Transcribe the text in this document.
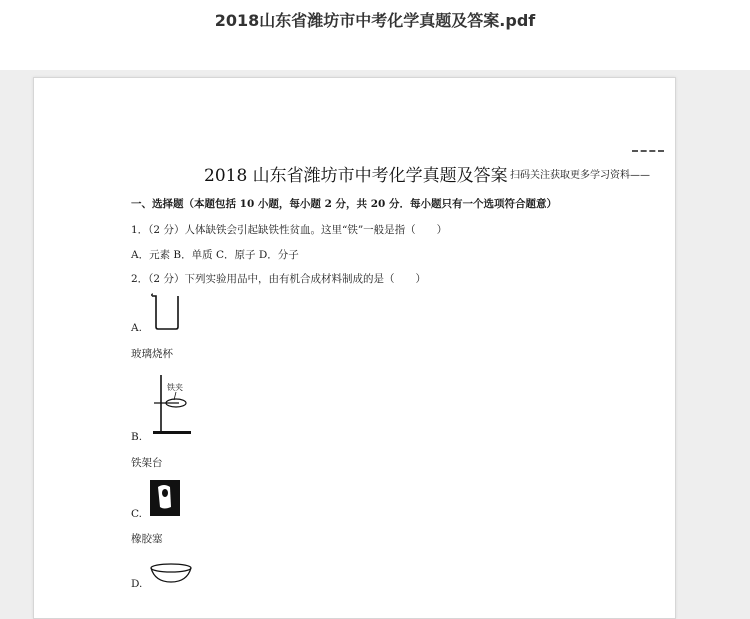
2018山东省潍坊市中考化学真题及答案.pdf
2018 山东省潍坊市中考化学真题及答案 扫码关注获取更多学习资料——
一、选择题（本题包括 10 小题，每小题 2 分，共 20 分．每小题只有一个选项符合题意）
1．（2 分）人体缺铁会引起缺铁性贫血。这里“铁”一般是指（　　）
A．元素 B．单质 C．原子 D．分子
2．（2 分）下列实验用品中，由有机合成材料制成的是（　　）
A.
玻璃烧杯
铁夹
B.
铁架台
C.
橡胶塞
D.
